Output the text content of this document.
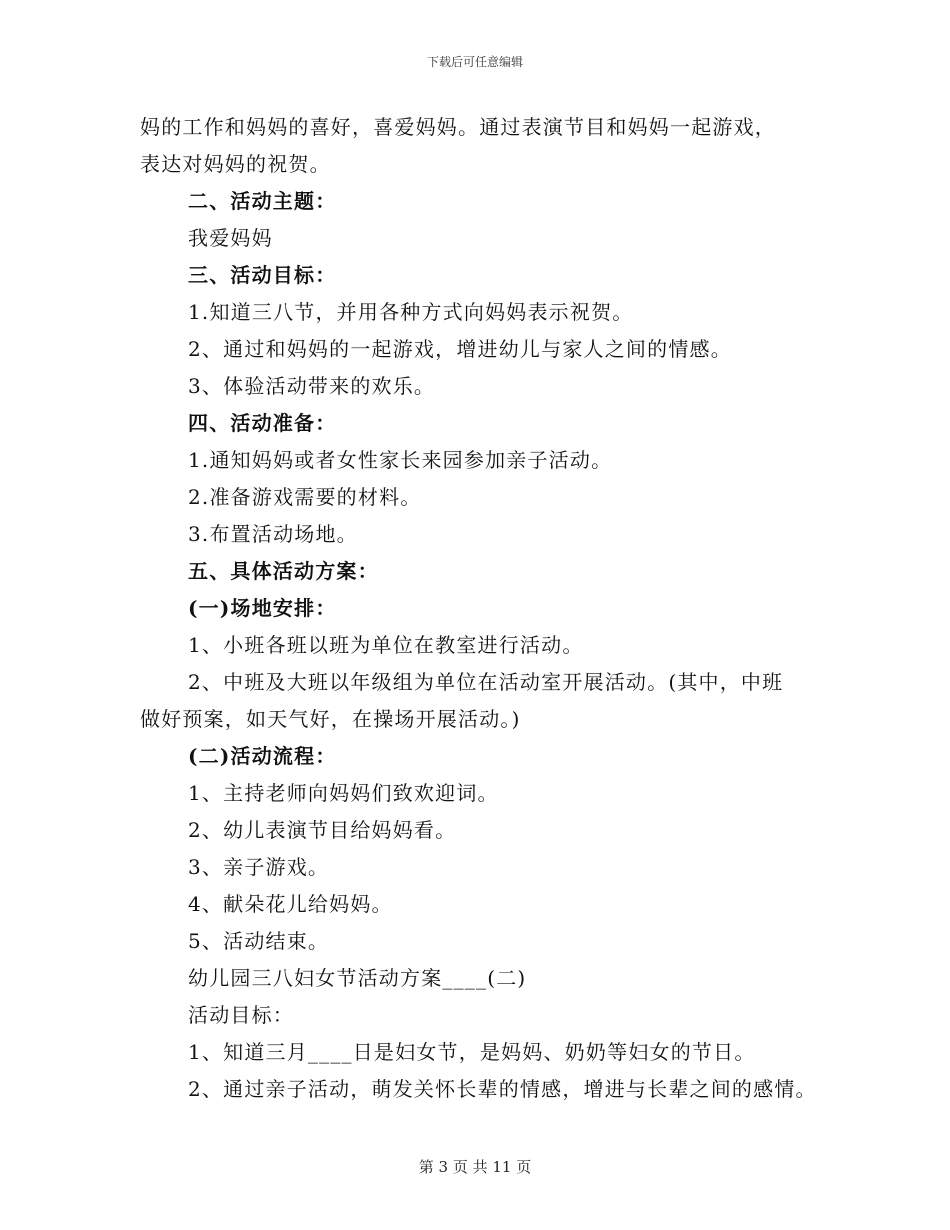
下载后可任意编辑
妈的工作和妈妈的喜好，喜爱妈妈。通过表演节目和妈妈一起游戏，
表达对妈妈的祝贺。
二、活动主题：
我爱妈妈
三、活动目标：
1.知道三八节，并用各种方式向妈妈表示祝贺。
2、通过和妈妈的一起游戏，增进幼儿与家人之间的情感。
3、体验活动带来的欢乐。
四、活动准备：
1.通知妈妈或者女性家长来园参加亲子活动。
2.准备游戏需要的材料。
3.布置活动场地。
五、具体活动方案：
(一)场地安排：
1、小班各班以班为单位在教室进行活动。
2、中班及大班以年级组为单位在活动室开展活动。(其中，中班
做好预案，如天气好，在操场开展活动。)
(二)活动流程：
1、主持老师向妈妈们致欢迎词。
2、幼儿表演节目给妈妈看。
3、亲子游戏。
4、献朵花儿给妈妈。
5、活动结束。
幼儿园三八妇女节活动方案____(二)
活动目标：
1、知道三月____日是妇女节，是妈妈、奶奶等妇女的节日。
2、通过亲子活动，萌发关怀长辈的情感，增进与长辈之间的感情。
第 3 页 共 11 页
